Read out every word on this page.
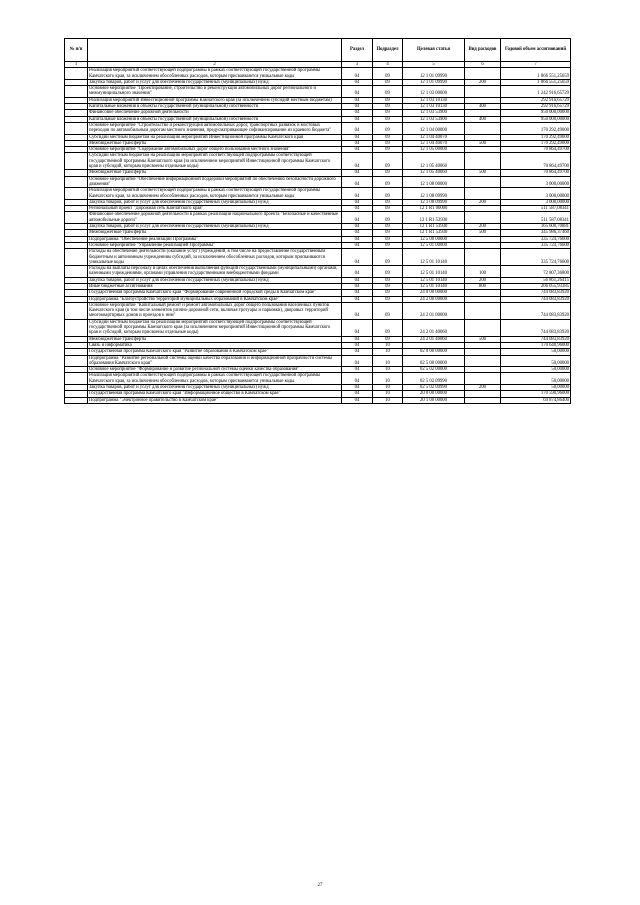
№ п/п		Раздел	Подраздел	Целевая статья	Вид расходов	Годовой объем ассигнований
1	2	3	4	5	6	7
	Реализация мероприятий соответствующей подпрограммы в рамках соответствующей государственной программы Камчатского края, за исключением обособленных расходов, которым присваиваются уникальные коды	04	09	12 1 01 09990		1 866 551,25659
	Закупка товаров, работ и услуг для обеспечения государственных (муниципальных) нужд	04	09	12 1 01 09990	200	1 866 551,25659
	Основное мероприятие "Проектирование, строительство и реконструкция автомобильных дорог регионального и межмуниципального значения"	04	09	12 1 03 00000		1 242 916,65729
	Реализация мероприятий Инвестиционной программы Камчатского края (за исключением субсидий местным бюджетам)	04	09	12 1 03 10130		292 916,65729
	Капитальные вложения в объекты государственной (муниципальной) собственности	04	09	12 1 03 10130	400	292 916,65729
	Финансовое обеспечение дорожной деятельности	04	09	12 1 03 53900		950 000,00000
	Капитальные вложения в объекты государственной (муниципальной) собственности	04	09	12 1 03 53900	400	950 000,00000
	Основное мероприятие "Строительство и реконструкция автомобильных дорог, транспортных развязок и мостовых переходов по автомобильным дорогам местного значения, предусматривающее софинансирование из краевого бюджета"	04	09	12 1 04 00000		170 292,49000
	Субсидии местным бюджетам на реализацию мероприятий Инвестиционной программы Камчатского края	04	09	12 1 04 40070		170 292,49000
	Межбюджетные трансферты	04	09	12 1 04 40070	500	170 292,49000
	Основное мероприятие "Содержание автомобильных дорог общего пользования местного значения"	04	09	12 1 05 00000		70 864,49700
	Субсидии местным бюджетам на реализацию мероприятий соответствующей подпрограммы соответствующей государственной программы Камчатского края (за исключением мероприятий Инвестиционной программы Камчатского края и субсидий, которым присвоены отдельные коды)	04	09	12 1 05 40060		70 864,49700
	Межбюджетные трансферты	04	09	12 1 05 40060	500	70 864,49700
	Основное мероприятие "Обеспечение информационной поддержки мероприятий по обеспечению безопасности дорожного движения"	04	09	12 1 08 00000		3 000,00000
	Реализация мероприятий соответствующей подпрограммы в рамках соответствующей государственной программы Камчатского края, за исключением обособленных расходов, которым присваиваются уникальные коды	04	09	12 1 08 09990		3 000,00000
	Закупка товаров, работ и услуг для обеспечения государственных (муниципальных) нужд	04	09	12 1 08 09990	200	3 000,00000
	Региональный проект "Дорожная сеть Камчатского края"	04	09	12 1 R1 00000		511 587,08341
	Финансовое обеспечение дорожной деятельности в рамках реализации национального проекта "Безопасные и качественные автомобильные дороги"	04	09	12 1 R1 53930		511 587,08341
	Закупка товаров, работ и услуг для обеспечения государственных (муниципальных) нужд	04	09	12 1 R1 53930	200	165 600,70881
	Межбюджетные трансферты	04	09	12 1 R1 53930	500	345 986,37460
	Подпрограмма "Обеспечение реализации Программы"	04	09	12 5 00 00000		335 724,76600
	Основное мероприятие "Управление реализацией Программы"	04	09	12 5 01 00000		335 724,76600
	Расходы на обеспечение деятельности (оказание услуг) учреждений, в том числе на предоставление государственным бюджетным и автономным учреждениям субсидий, за исключением обособленных расходов, которым присваиваются уникальные коды	04	09	12 5 01 10140		335 724,76600
	Расходы на выплаты персоналу в целях обеспечения выполнения функций государственными (муниципальными) органами, казенными учреждениями, органами управления государственными внебюджетными фондами	04	09	12 5 01 10140	100	72 807,36800
	Закупка товаров, работ и услуг для обеспечения государственных (муниципальных) нужд	04	09	12 5 01 10140	200	56 861,26415
	Иные бюджетные ассигнования	04	09	12 5 01 10140	800	206 055,93385
	Государственная программа Камчатского края "Формирование современной городской среды в Камчатском крае"	04	09	24 0 00 00000		744 083,83920
	Подпрограмма "Благоустройство территорий муниципальных образований в Камчатском крае"	04	09	24 2 00 00000		744 083,83920
	Основное мероприятие "Капитальный ремонт и ремонт автомобильных дорог общего пользования населенных пунктов Камчатского края (в том числе элементов улично-дорожной сети, включая тротуары и парковки), дворовых территорий многоквартирных домов и проездов к ним"	04	09	24 2 01 00000		744 083,83920
	Субсидии местным бюджетам на реализацию мероприятий соответствующей подпрограммы соответствующей государственной программы Камчатского края (за исключением мероприятий Инвестиционной программы Камчатского края и субсидий, которым присвоены отдельные коды)	04	09	24 2 01 40060		744 083,83920
	Межбюджетные трансферты	04	09	24 2 01 40060	500	744 083,83920
	Связь и информатика	04	10			170 640,96000
	Государственная программа Камчатского края "Развитие образования в Камчатском крае"	04	10	02 0 00 00000		50,00000
	Подпрограмма "Развитие региональной системы оценки качества образования и информационной прозрачности системы образования Камчатского края"	04	10	02 5 00 00000		50,00000
	Основное мероприятие "Формирование и развитие региональной системы оценки качества образования"	04	10	02 5 02 00000		50,00000
	Реализация мероприятий соответствующей подпрограммы в рамках соответствующей государственной программы Камчатского края, за исключением обособленных расходов, которым присваиваются уникальные коды	04	10	02 5 02 09990		50,00000
	Закупка товаров, работ и услуг для обеспечения государственных (муниципальных) нужд	04	10	02 5 02 09990	200	50,00000
	Государственная программа Камчатского края "Информационное общество в Камчатском крае"	04	10	20 0 00 00000		170 590,96000
	Подпрограмма "Электронное правительство в Камчатском крае"	04	10	20 1 00 00000		69 874,86400
27
